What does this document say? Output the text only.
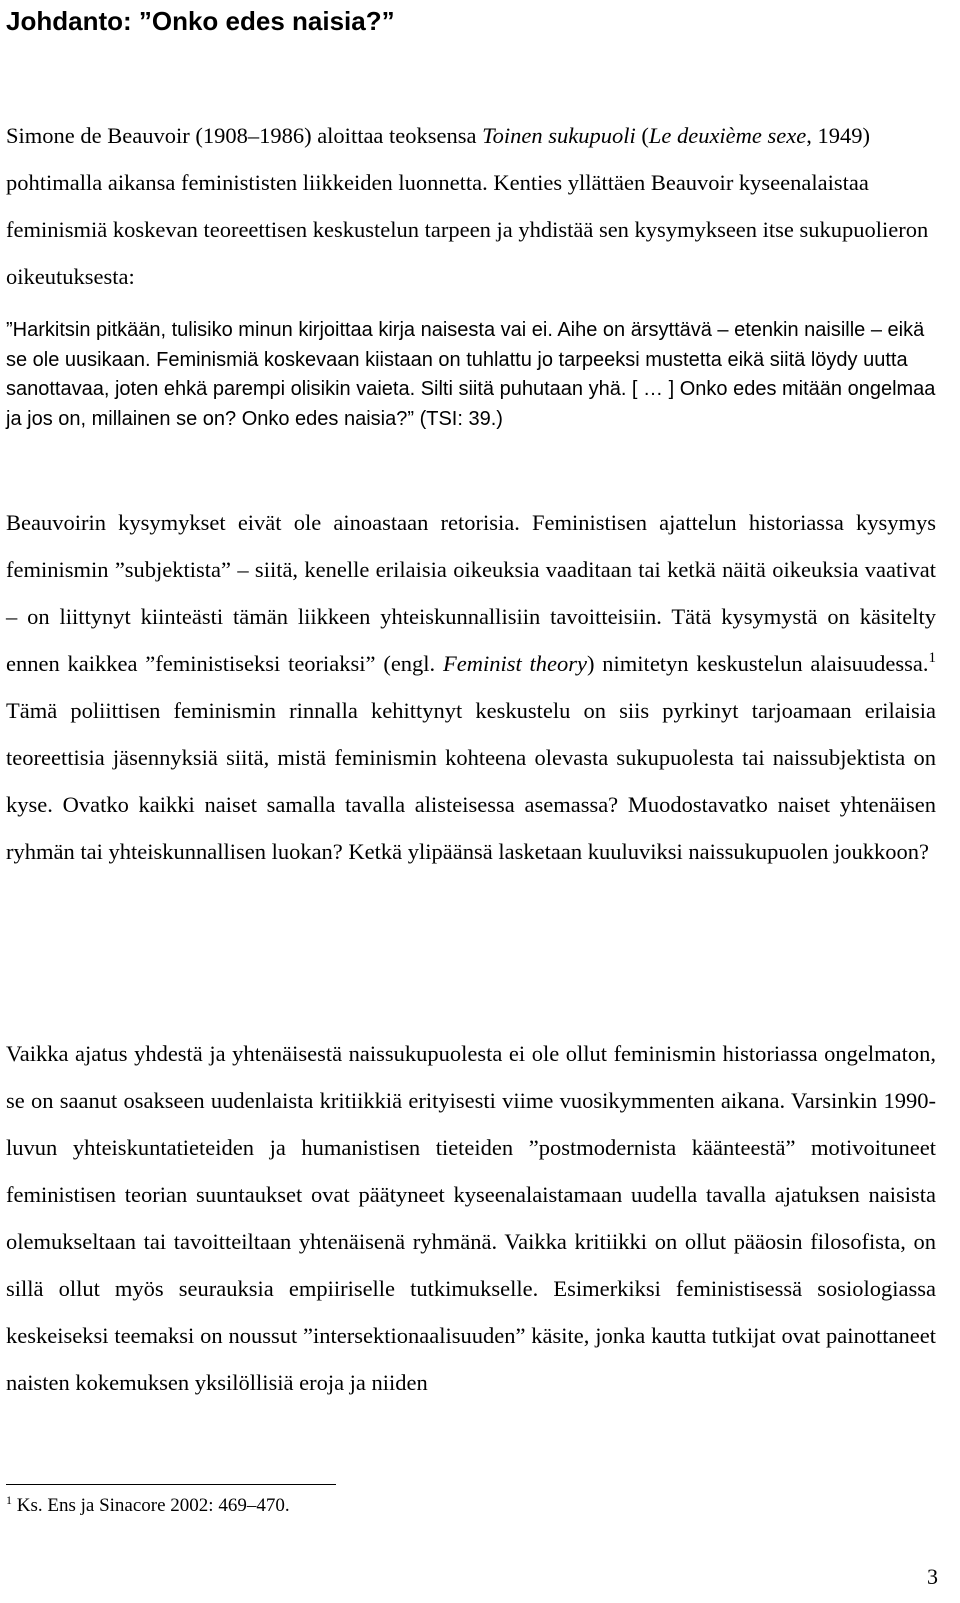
Johdanto: ”Onko edes naisia?”

Simone de Beauvoir (1908–1986) aloittaa teoksensa Toinen sukupuoli (Le deuxième sexe, 1949) pohtimalla aikansa feminististen liikkeiden luonnetta. Kenties yllättäen Beauvoir kyseenalaistaa feminismiä koskevan teoreettisen keskustelun tarpeen ja yhdistää sen kysymykseen itse sukupuolieron oikeutuksesta:

”Harkitsin pitkään, tulisiko minun kirjoittaa kirja naisesta vai ei. Aihe on ärsyttävä – etenkin naisille – eikä se ole uusikaan. Feminismiä koskevaan kiistaan on tuhlattu jo tarpeeksi mustetta eikä siitä löydy uutta sanottavaa, joten ehkä parempi olisikin vaieta. Silti siitä puhutaan yhä. [ … ] Onko edes mitään ongelmaa ja jos on, millainen se on? Onko edes naisia?” (TSI: 39.)

Beauvoirin kysymykset eivät ole ainoastaan retorisia. Feministisen ajattelun historiassa kysymys feminismin ”subjektista” – siitä, kenelle erilaisia oikeuksia vaaditaan tai ketkä näitä oikeuksia vaativat – on liittynyt kiinteästi tämän liikkeen yhteiskunnallisiin tavoitteisiin. Tätä kysymystä on käsitelty ennen kaikkea ”feministiseksi teoriaksi” (engl. Feminist theory) nimitetyn keskustelun alaisuudessa.$^1$ Tämä poliittisen feminismin rinnalla kehittynyt keskustelu on siis pyrkinyt tarjoamaan erilaisia teoreettisia jäsennyksiä siitä, mistä feminismin kohteena olevasta sukupuolesta tai naissubjektista on kyse. Ovatko kaikki naiset samalla tavalla alisteisessa asemassa? Muodostavatko naiset yhtenäisen ryhmän tai yhteiskunnallisen luokan? Ketkä ylipäänsä lasketaan kuuluviksi naissukupuolen joukkoon?

Vaikka ajatus yhdestä ja yhtenäisestä naissukupuolesta ei ole ollut feminismin historiassa ongelmaton, se on saanut osakseen uudenlaista kritiikkiä erityisesti viime vuosikymmenten aikana. Varsinkin 1990-luvun yhteiskuntatieteiden ja humanistisen tieteiden ”postmodernista käänteestä” motivoituneet feministisen teorian suuntaukset ovat päätyneet kyseenalaistamaan uudella tavalla ajatuksen naisista olemukseltaan tai tavoitteiltaan yhtenäisenä ryhmänä. Vaikka kritiikki on ollut pääosin filosofista, on sillä ollut myös seurauksia empiiriselle tutkimukselle. Esimerkiksi feministisessä sosiologiassa keskeiseksi teemaksi on noussut ”intersektionaalisuuden” käsite, jonka kautta tutkijat ovat painottaneet naisten kokemuksen yksilöllisiä eroja ja niiden

$^1$ Ks. Ens ja Sinacore 2002: 469–470.

3
